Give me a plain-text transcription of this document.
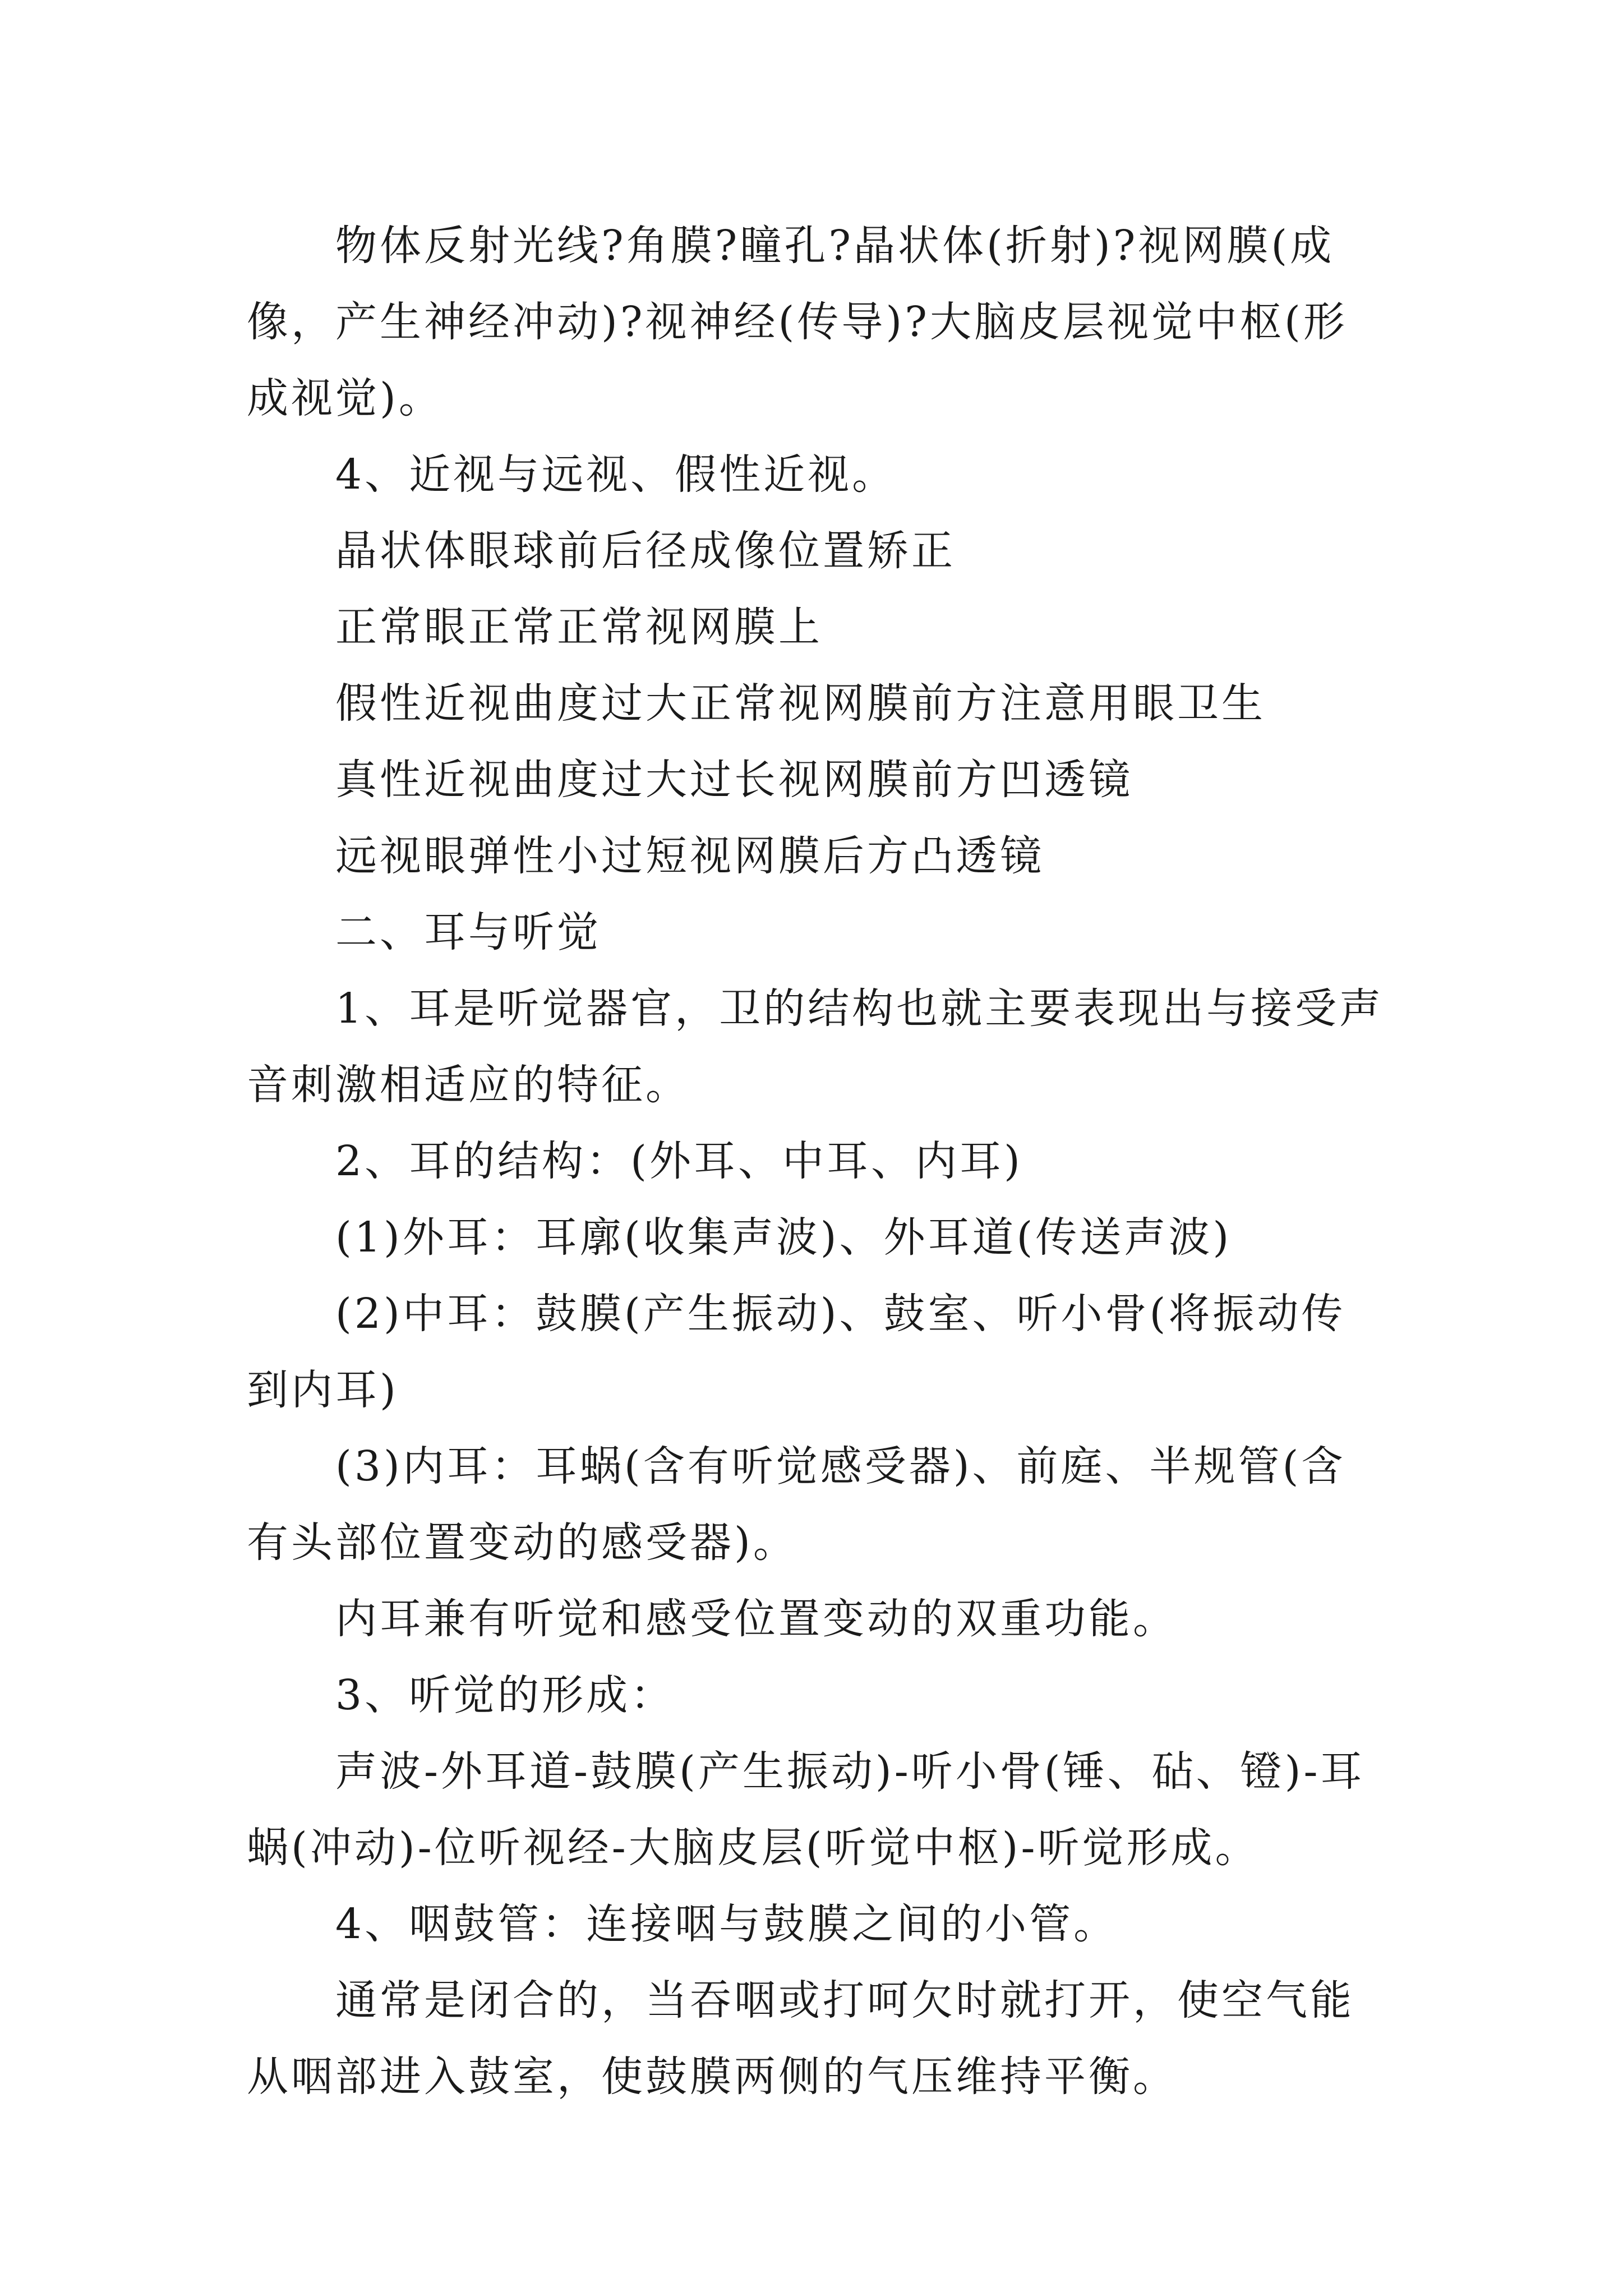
物体反射光线?角膜?瞳孔?晶状体(折射)?视网膜(成像，产生神经冲动)?视神经(传导)?大脑皮层视觉中枢(形成视觉)。

4、近视与远视、假性近视。

晶状体眼球前后径成像位置矫正

正常眼正常正常视网膜上

假性近视曲度过大正常视网膜前方注意用眼卫生

真性近视曲度过大过长视网膜前方凹透镜

远视眼弹性小过短视网膜后方凸透镜

二、耳与听觉

1、耳是听觉器官，卫的结构也就主要表现出与接受声音刺激相适应的特征。

2、耳的结构：(外耳、中耳、内耳)

(1)外耳：耳廓(收集声波)、外耳道(传送声波)

(2)中耳：鼓膜(产生振动)、鼓室、听小骨(将振动传到内耳)

(3)内耳：耳蜗(含有听觉感受器)、前庭、半规管(含有头部位置变动的感受器)。

内耳兼有听觉和感受位置变动的双重功能。

3、听觉的形成：

声波-外耳道-鼓膜(产生振动)-听小骨(锤、砧、镫)-耳蜗(冲动)-位听视经-大脑皮层(听觉中枢)-听觉形成。

4、咽鼓管：连接咽与鼓膜之间的小管。

通常是闭合的，当吞咽或打呵欠时就打开，使空气能从咽部进入鼓室，使鼓膜两侧的气压维持平衡。
